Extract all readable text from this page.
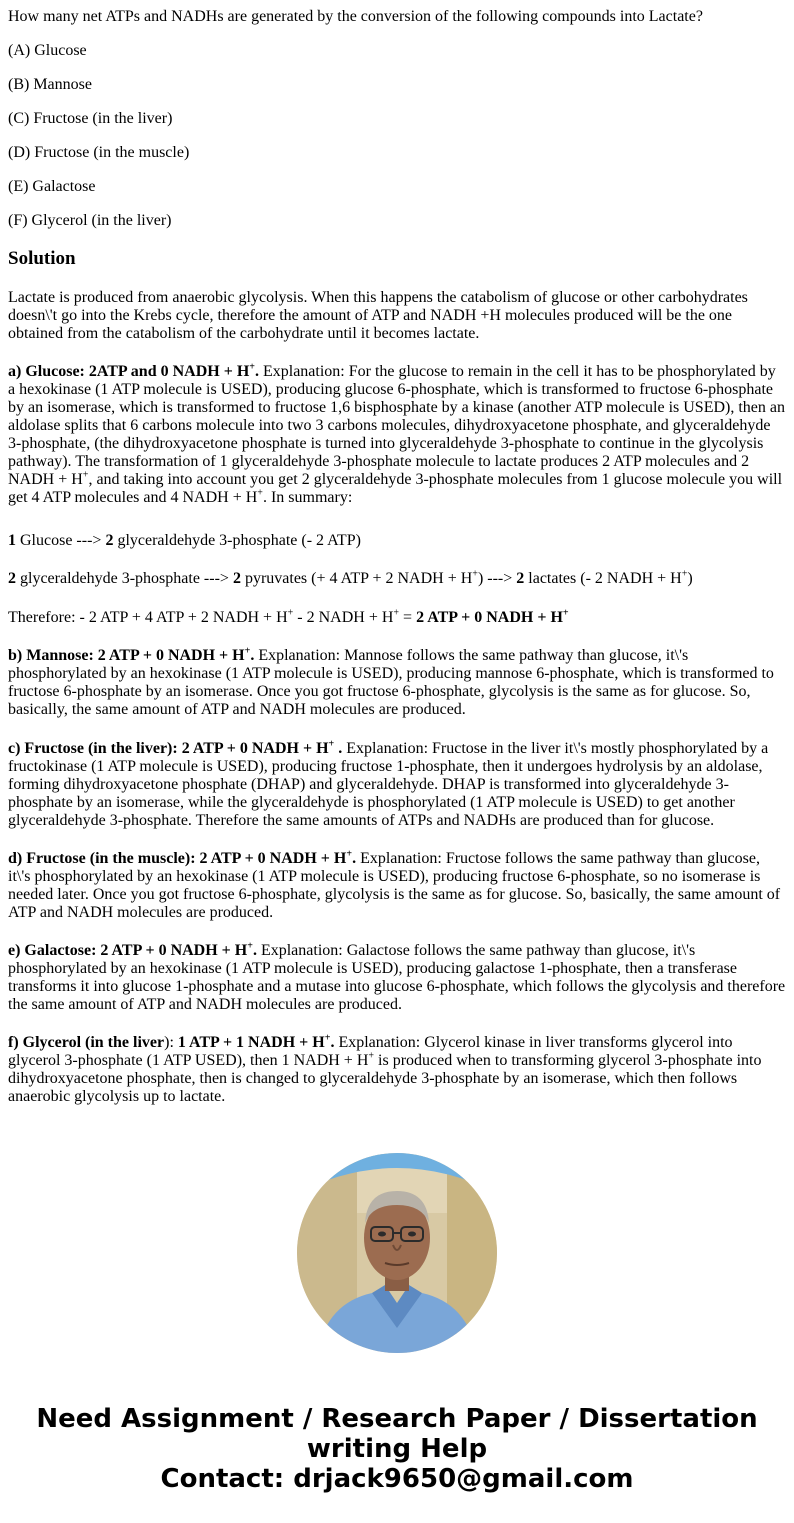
How many net ATPs and NADHs are generated by the conversion of the following compounds into Lactate?

(A) Glucose

(B) Mannose

(C) Fructose (in the liver)

(D) Fructose (in the muscle)

(E) Galactose

(F) Glycerol (in the liver)

Lactate is produced from anaerobic glycolysis. When this happens the catabolism of glucose or other carbohydrates doesn\'t go into the Krebs cycle, therefore the amount of ATP and NADH +H molecules produced will be the one obtained from the catabolism of the carbohydrate until it becomes lactate.

a) Glucose: 2ATP and 0 NADH + H+. Explanation: For the glucose to remain in the cell it has to be phosphorylated by a hexokinase (1 ATP molecule is USED), producing glucose 6-phosphate, which is transformed to fructose 6-phosphate by an isomerase, which is transformed to fructose 1,6 bisphosphate by a kinase (another ATP molecule is USED), then an aldolase splits that 6 carbons molecule into two 3 carbons molecules, dihydroxyacetone phosphate, and glyceraldehyde 3-phosphate, (the dihydroxyacetone phosphate is turned into glyceraldehyde 3-phosphate to continue in the glycolysis pathway). The transformation of 1 glyceraldehyde 3-phosphate molecule to lactate produces 2 ATP molecules and 2 NADH + H+, and taking into account you get 2 glyceraldehyde 3-phosphate molecules from 1 glucose molecule you will get 4 ATP molecules and 4 NADH + H+. In summary:

1 Glucose ---> 2 glyceraldehyde 3-phosphate (- 2 ATP)

2 glyceraldehyde 3-phosphate ---> 2 pyruvates (+ 4 ATP + 2 NADH + H+) ---> 2 lactates (- 2 NADH + H+)

Therefore: - 2 ATP + 4 ATP + 2 NADH + H+ - 2 NADH + H+ = 2 ATP + 0 NADH + H+

b) Mannose: 2 ATP + 0 NADH + H+. Explanation: Mannose follows the same pathway than glucose, it\'s phosphorylated by an hexokinase (1 ATP molecule is USED), producing mannose 6-phosphate, which is transformed to fructose 6-phosphate by an isomerase. Once you got fructose 6-phosphate, glycolysis is the same as for glucose. So, basically, the same amount of ATP and NADH molecules are produced.

c) Fructose (in the liver): 2 ATP + 0 NADH + H+ . Explanation: Fructose in the liver it\'s mostly phosphorylated by a fructokinase (1 ATP molecule is USED), producing fructose 1-phosphate, then it undergoes hydrolysis by an aldolase, forming dihydroxyacetone phosphate (DHAP) and glyceraldehyde. DHAP is transformed into glyceraldehyde 3-phosphate by an isomerase, while the glyceraldehyde is phosphorylated (1 ATP molecule is USED) to get another glyceraldehyde 3-phosphate. Therefore the same amounts of ATPs and NADHs are produced than for glucose.

d) Fructose (in the muscle): 2 ATP + 0 NADH + H+. Explanation: Fructose follows the same pathway than glucose, it\'s phosphorylated by an hexokinase (1 ATP molecule is USED), producing fructose 6-phosphate, so no isomerase is needed later. Once you got fructose 6-phosphate, glycolysis is the same as for glucose. So, basically, the same amount of ATP and NADH molecules are produced.

e) Galactose: 2 ATP + 0 NADH + H+. Explanation: Galactose follows the same pathway than glucose, it\'s phosphorylated by an hexokinase (1 ATP molecule is USED), producing galactose 1-phosphate, then a transferase transforms it into glucose 1-phosphate and a mutase into glucose 6-phosphate, which follows the glycolysis and therefore the same amount of ATP and NADH molecules are produced.

f) Glycerol (in the liver): 1 ATP + 1 NADH + H+. Explanation: Glycerol kinase in liver transforms glycerol into glycerol 3-phosphate (1 ATP USED), then 1 NADH + H+ is produced when to transforming glycerol 3-phosphate into dihydroxyacetone phosphate, then is changed to glyceraldehyde 3-phosphate by an isomerase, which then follows anaerobic glycolysis up to lactate.

Solution
Need Assignment / Research Paper / Dissertation
writing Help
Contact: drjack9650@gmail.com
